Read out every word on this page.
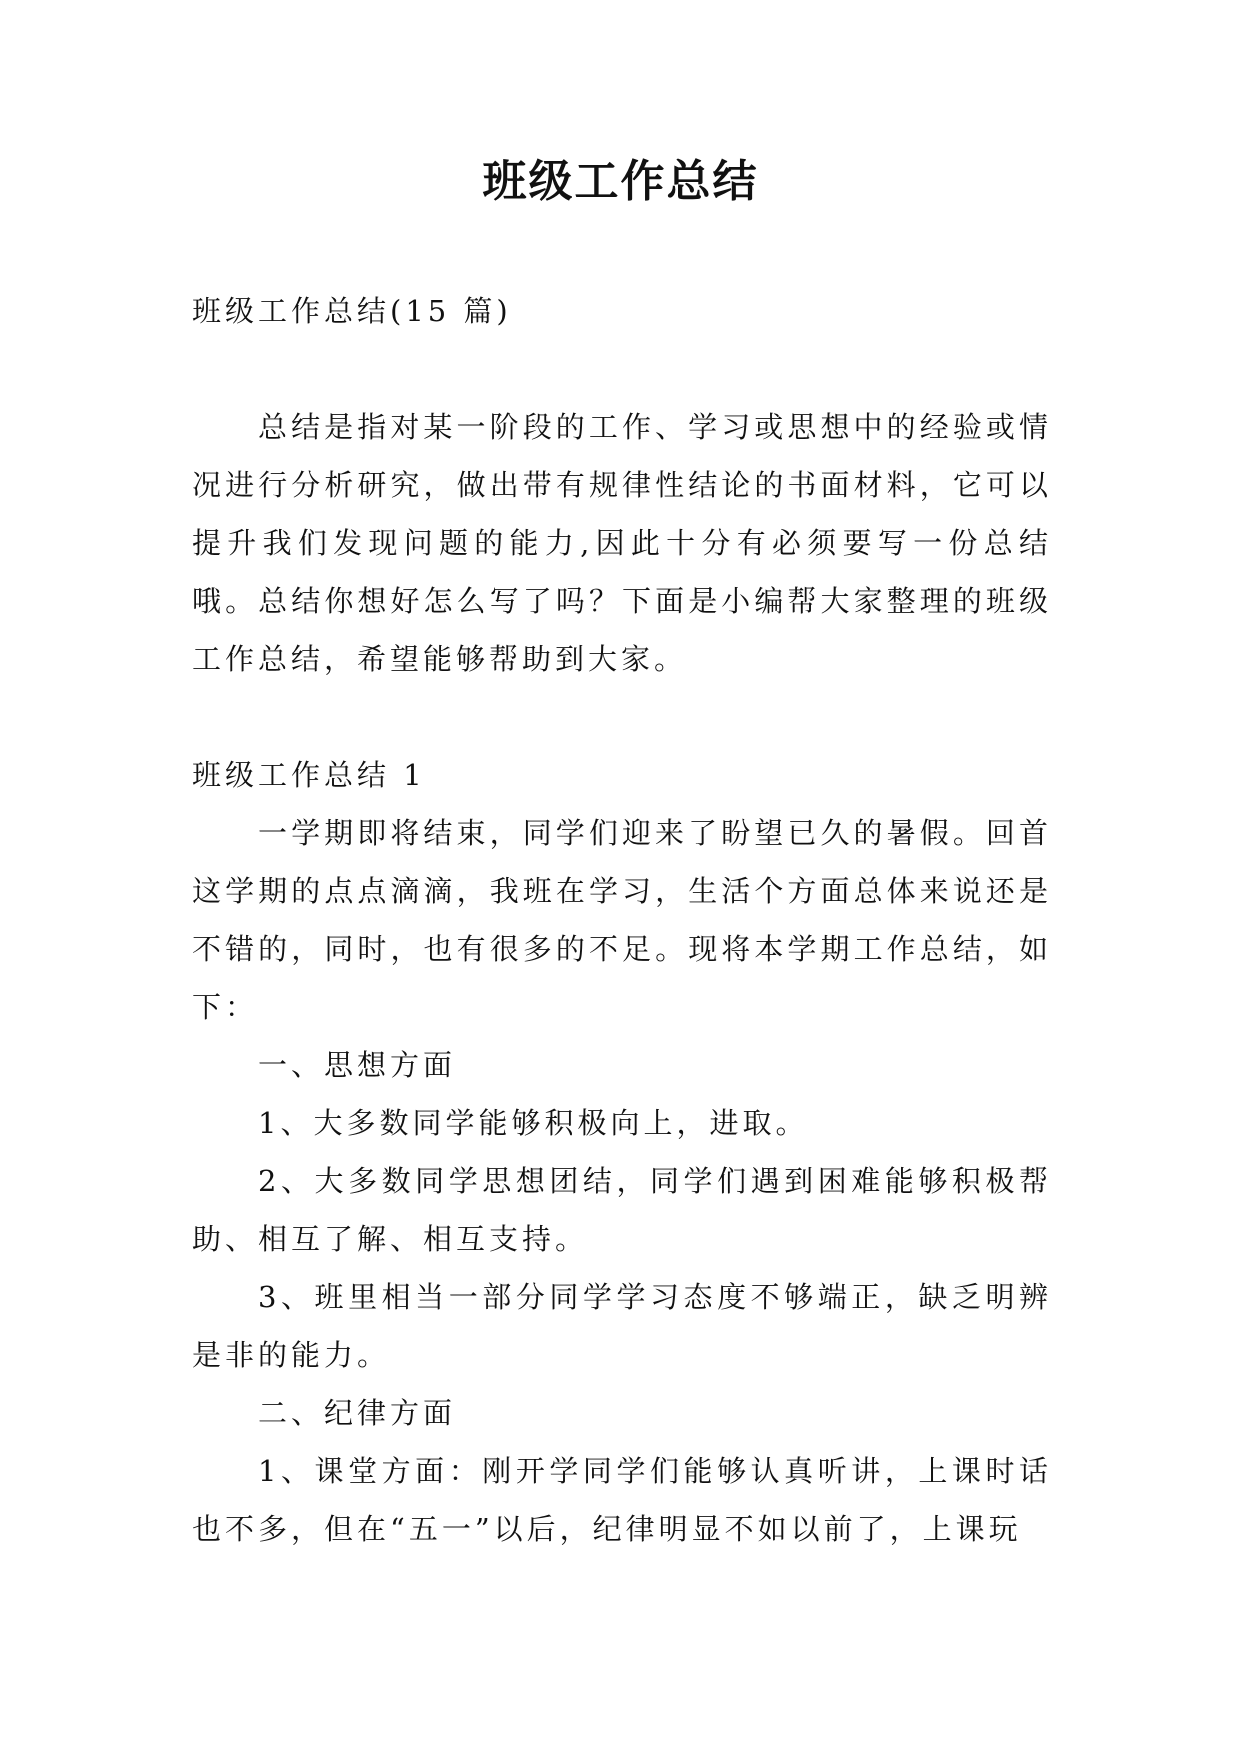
班级工作总结

班级工作总结(15 篇)

总结是指对某一阶段的工作、学习或思想中的经验或情况进行分析研究，做出带有规律性结论的书面材料，它可以提升我们发现问题的能力,因此十分有必须要写一份总结哦。总结你想好怎么写了吗？下面是小编帮大家整理的班级工作总结，希望能够帮助到大家。

班级工作总结 1

一学期即将结束，同学们迎来了盼望已久的暑假。回首这学期的点点滴滴，我班在学习，生活个方面总体来说还是不错的，同时，也有很多的不足。现将本学期工作总结，如下：

一、思想方面

1、大多数同学能够积极向上，进取。

2、大多数同学思想团结，同学们遇到困难能够积极帮助、相互了解、相互支持。

3、班里相当一部分同学学习态度不够端正，缺乏明辨是非的能力。

二、纪律方面

1、课堂方面：刚开学同学们能够认真听讲，上课时话也不多，但在“五一”以后，纪律明显不如以前了，上课玩
